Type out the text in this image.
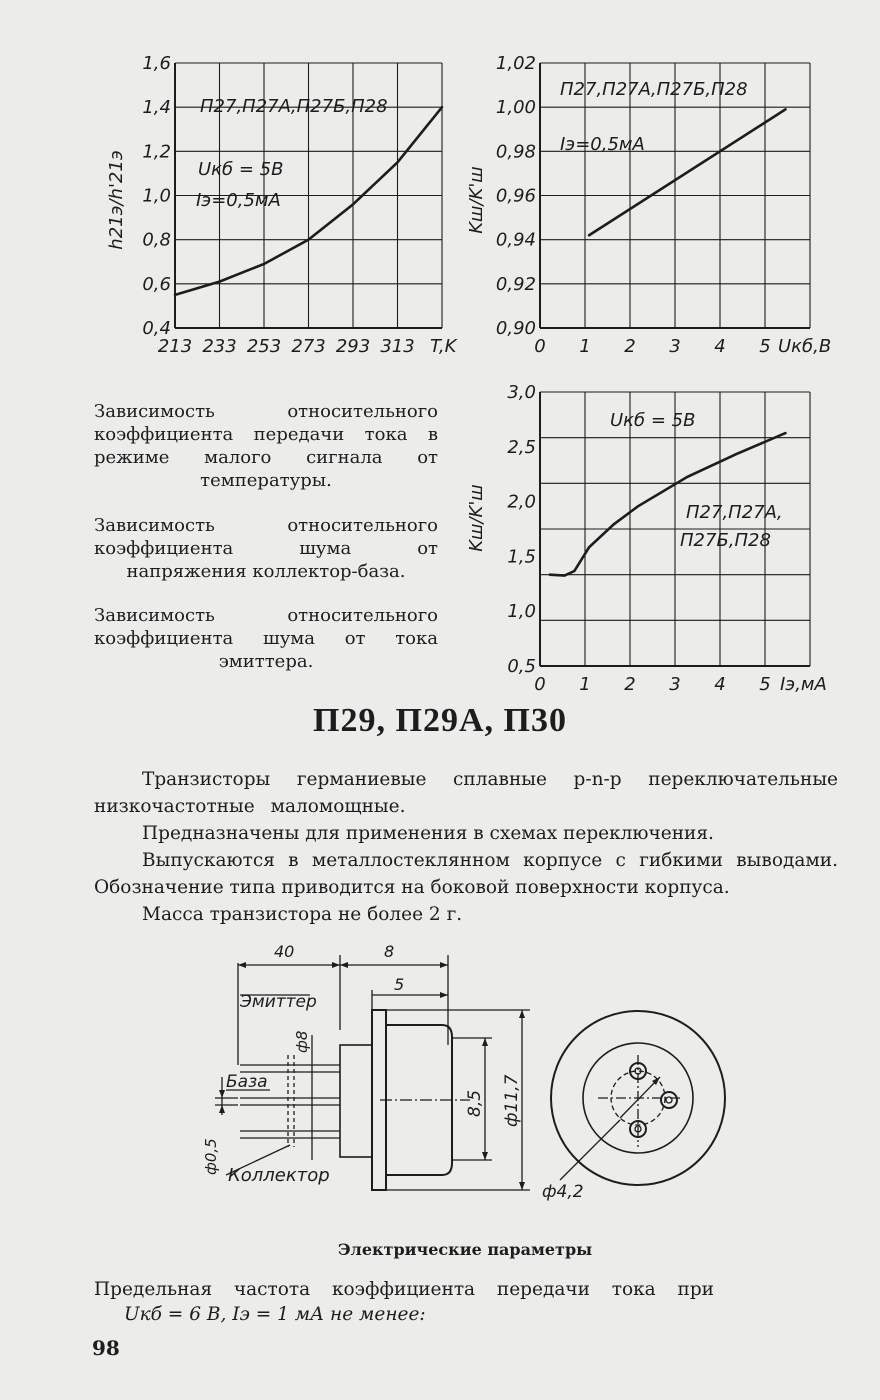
0,4
0,6
0,8
1,0
1,2
1,4
1,6
213 233 253 273 293 313 T,K
h21э/h'21э
П27,П27А,П27Б,П28
Uкб = 5В
Iэ=0,5мА
0,90
0,92
0,94
0,96
0,98
1,00
1,02
0 1 2 3 4 5 Uкб,В
Kш/K'ш
П27,П27А,П27Б,П28
Iэ=0,5мА
0,5
1,0
1,5
2,0
2,5
3,0
0 1 2 3 4 5 Iэ,мА
Kш/K'ш
Uкб = 5В
П27,П27А,
П27Б,П28
Зависимость относительного коэффициента передачи тока в режиме малого сигнала от температуры.
Зависимость относительного коэффициента шума от напряжения коллектор-база.
Зависимость относительного коэффициента шума от тока эмиттера.
П29, П29А, П30
Транзисторы германиевые сплавные p-n-p переключательные низкочастотные маломощные.
Предназначены для применения в схемах переключения.
Выпускаются в металлостеклянном корпусе с гибкими выводами. Обозначение типа приводится на боковой поверхности корпуса.
Масса транзистора не более 2 г.
40	8
5
Эмиттер
ф8
База
ф0,5
Коллектор
8,5 ф11,7
ф4,2
Электрические параметры
Предельная частота коэффициента передачи тока при
Uкб = 6 В, Iэ = 1 мА не менее:
98
